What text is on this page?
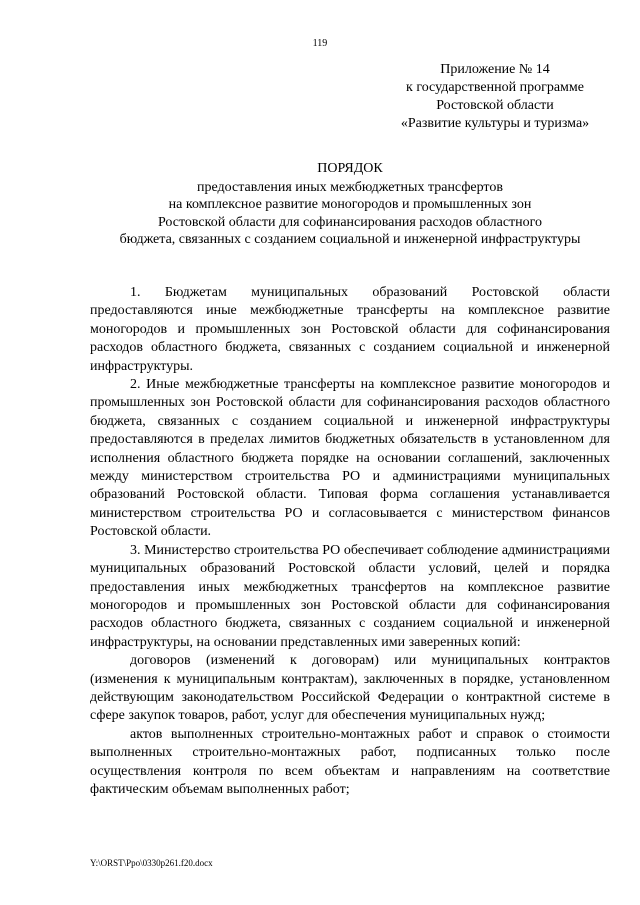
119
Приложение № 14
к государственной программе
Ростовской области
«Развитие культуры и туризма»
ПОРЯДОК
предоставления иных межбюджетных трансфертов
на комплексное развитие моногородов и промышленных зон
Ростовской области для софинансирования расходов областного
бюджета, связанных с созданием социальной и инженерной инфраструктуры

1. Бюджетам муниципальных образований Ростовской области предоставляются иные межбюджетные трансферты на комплексное развитие моногородов и промышленных зон Ростовской области для софинансирования расходов областного бюджета, связанных с созданием социальной и инженерной инфраструктуры.

2. Иные межбюджетные трансферты на комплексное развитие моногородов и промышленных зон Ростовской области для софинансирования расходов областного бюджета, связанных с созданием социальной и инженерной инфраструктуры предоставляются в пределах лимитов бюджетных обязательств в установленном для исполнения областного бюджета порядке на основании соглашений, заключенных между министерством строительства РО и администрациями муниципальных образований Ростовской области. Типовая форма соглашения устанавливается министерством строительства РО и согласовывается с министерством финансов Ростовской области.

3. Министерство строительства РО обеспечивает соблюдение администрациями муниципальных образований Ростовской области условий, целей и порядка предоставления иных межбюджетных трансфертов на комплексное развитие моногородов и промышленных зон Ростовской области для софинансирования расходов областного бюджета, связанных с созданием социальной и инженерной инфраструктуры, на основании представленных ими заверенных копий:

договоров (изменений к договорам) или муниципальных контрактов (изменения к муниципальным контрактам), заключенных в порядке, установленном действующим законодательством Российской Федерации о контрактной системе в сфере закупок товаров, работ, услуг для обеспечения муниципальных нужд;

актов выполненных строительно-монтажных работ и справок о стоимости выполненных строительно-монтажных работ, подписанных только после осуществления контроля по всем объектам и направлениям на соответствие фактическим объемам выполненных работ;

Y:\ORST\Ppo\0330p261.f20.docx
